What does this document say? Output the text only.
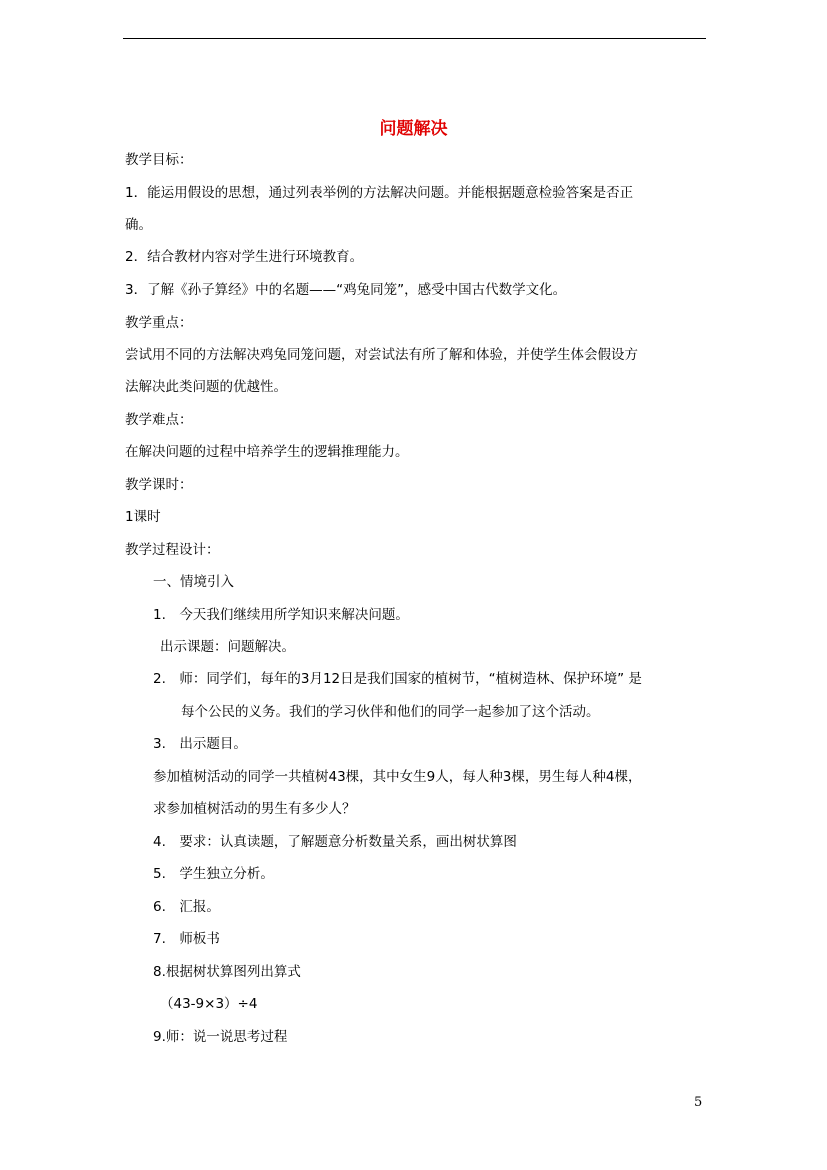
问题解决
教学目标：
1．能运用假设的思想，通过列表举例的方法解决问题。并能根据题意检验答案是否正
确。
2．结合教材内容对学生进行环境教育。
3．了解《孙子算经》中的名题——“鸡兔同笼”，感受中国古代数学文化。
教学重点：
尝试用不同的方法解决鸡兔同笼问题，对尝试法有所了解和体验，并使学生体会假设方
法解决此类问题的优越性。
教学难点：
在解决问题的过程中培养学生的逻辑推理能力。
教学课时：
1课时
教学过程设计：
一、情境引入
1.　今天我们继续用所学知识来解决问题。
出示课题：问题解决。
2.　师：同学们，每年的3月12日是我们国家的植树节，“植树造林、保护环境” 是
每个公民的义务。我们的学习伙伴和他们的同学一起参加了这个活动。
3.　出示题目。
参加植树活动的同学一共植树43棵，其中女生9人，每人种3棵，男生每人种4棵，
求参加植树活动的男生有多少人？
4.　要求：认真读题，了解题意分析数量关系，画出树状算图
5.　学生独立分析。
6.　汇报。
7.　师板书
8.根据树状算图列出算式
（43-9×3）÷4
9.师：说一说思考过程
5
